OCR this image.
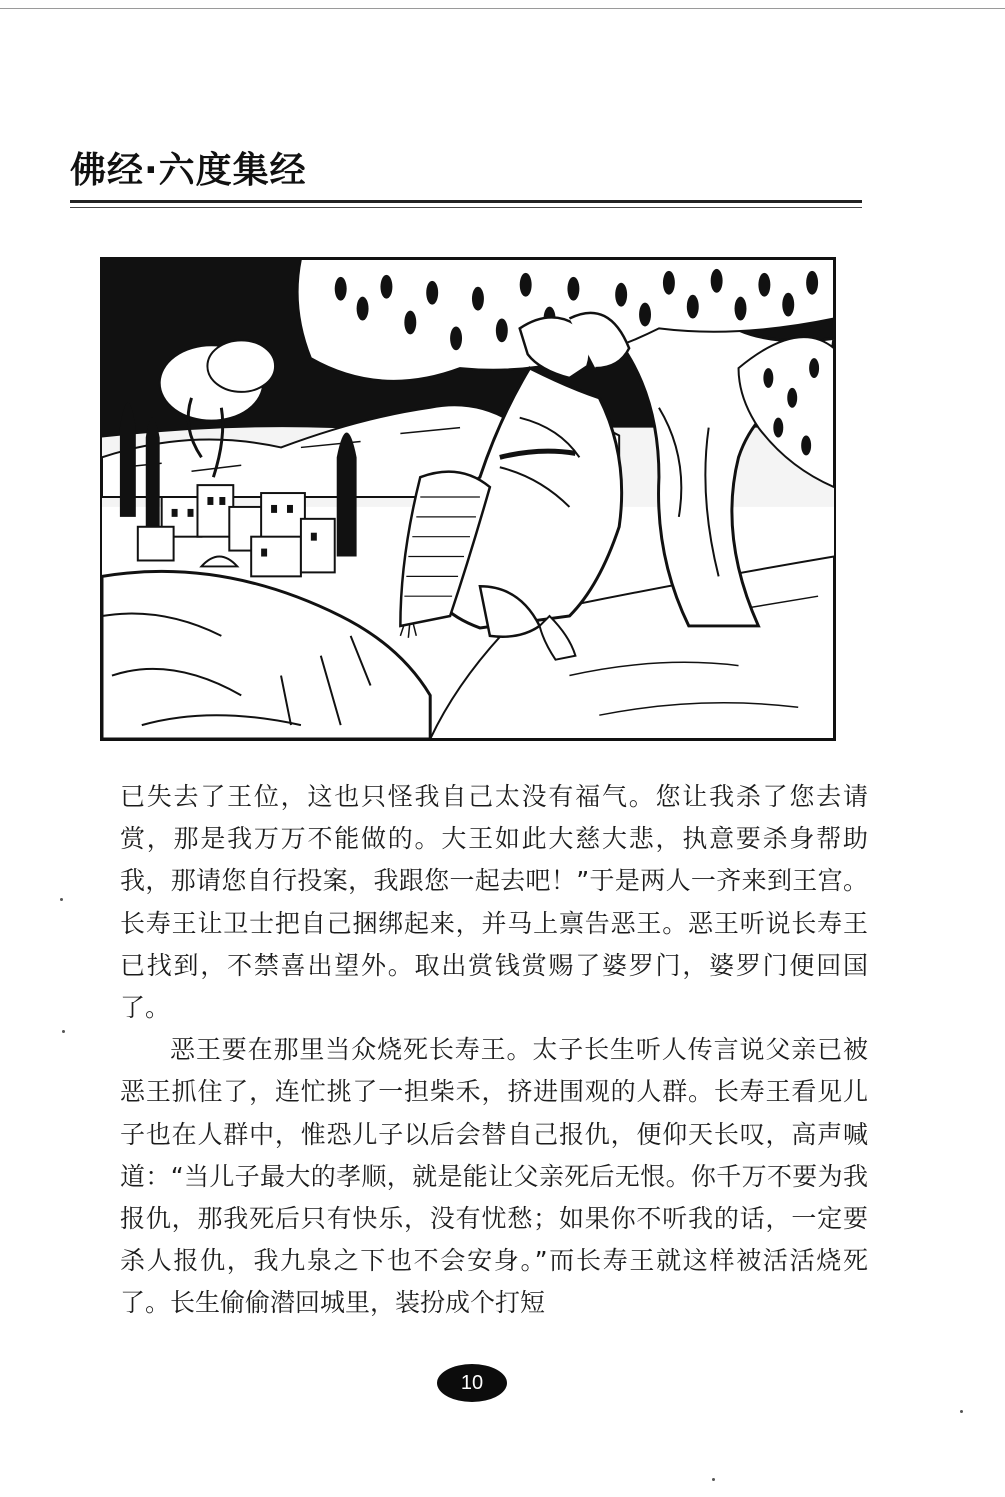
佛经·六度集经

已失去了王位，这也只怪我自己太没有福气。您让我杀了您去请赏，那是我万万不能做的。大王如此大慈大悲，执意要杀身帮助我，那请您自行投案，我跟您一起去吧！”于是两人一齐来到王宫。长寿王让卫士把自己捆绑起来，并马上禀告恶王。恶王听说长寿王已找到，不禁喜出望外。取出赏钱赏赐了婆罗门，婆罗门便回国了。

恶王要在那里当众烧死长寿王。太子长生听人传言说父亲已被恶王抓住了，连忙挑了一担柴禾，挤进围观的人群。长寿王看见儿子也在人群中，惟恐儿子以后会替自己报仇，便仰天长叹，高声喊道：“当儿子最大的孝顺，就是能让父亲死后无恨。你千万不要为我报仇，那我死后只有快乐，没有忧愁；如果你不听我的话，一定要杀人报仇，我九泉之下也不会安身。”而长寿王就这样被活活烧死了。长生偷偷潜回城里，装扮成个打短

10
